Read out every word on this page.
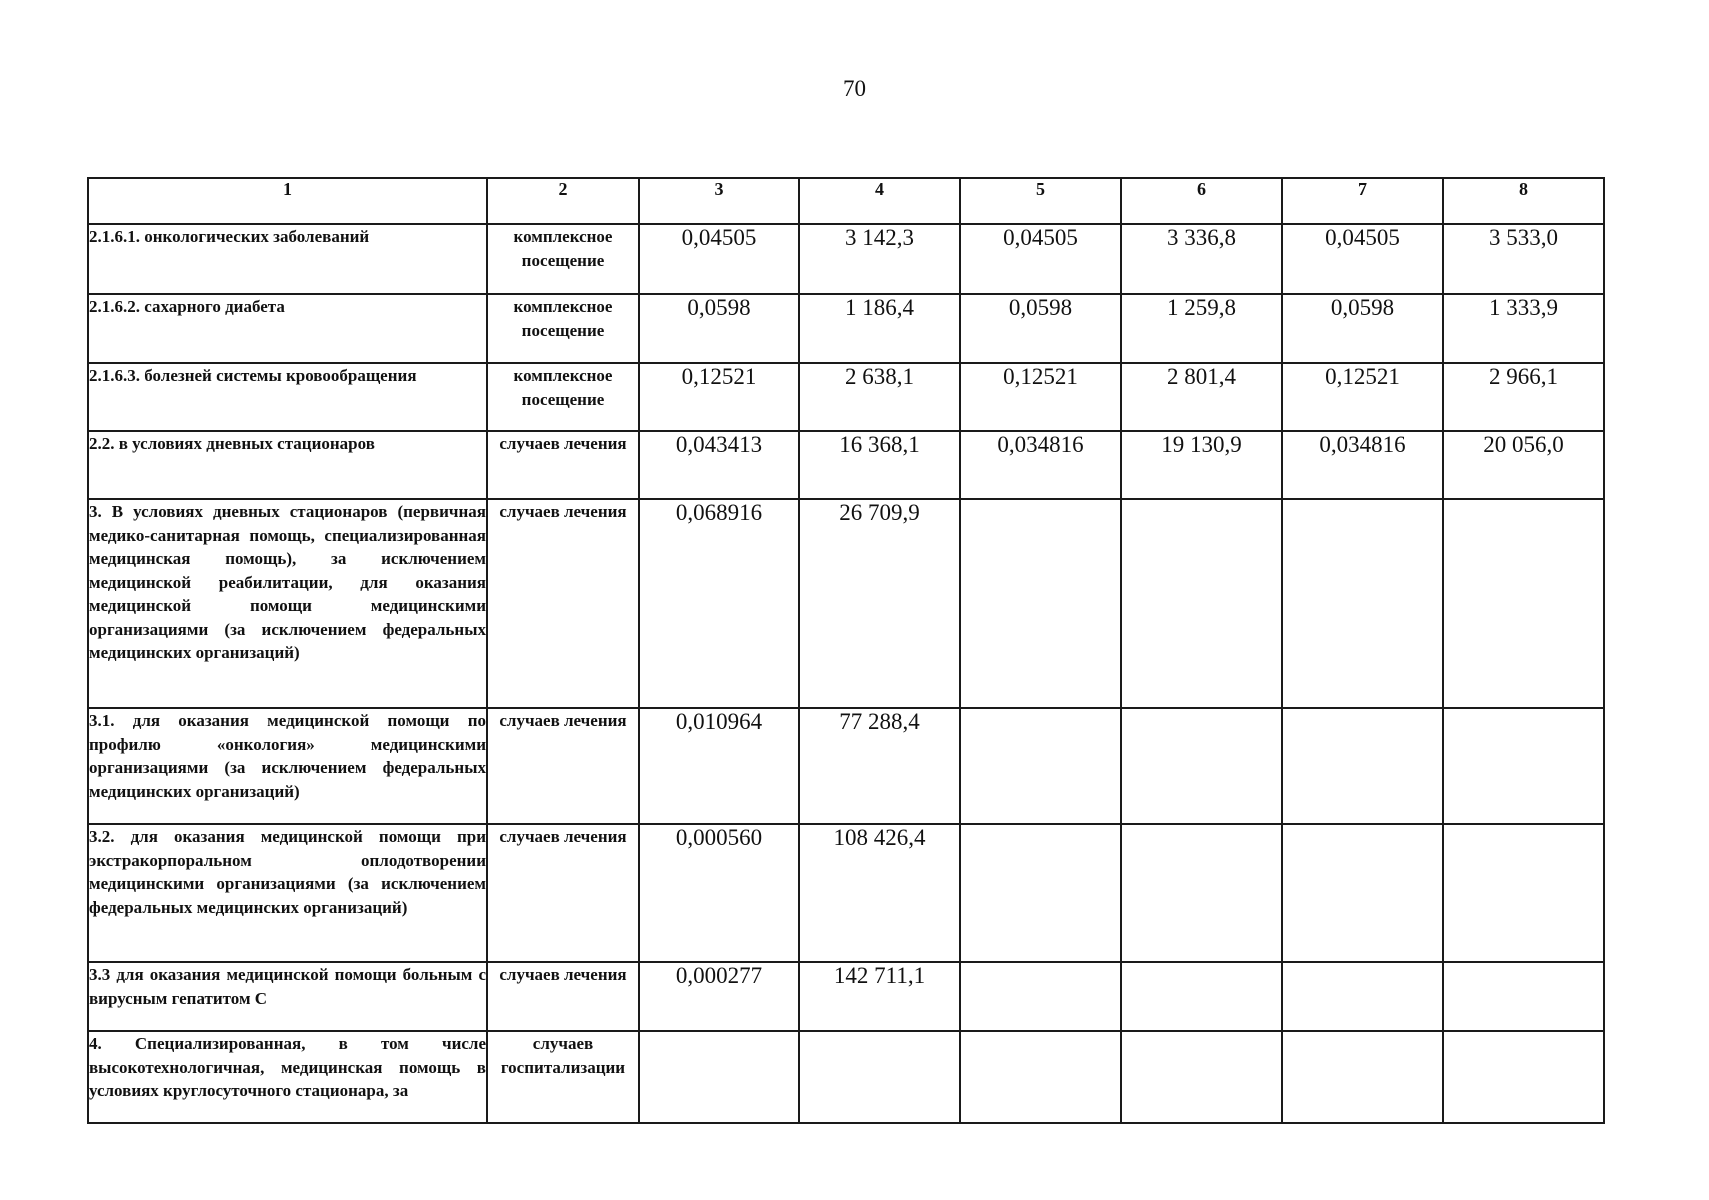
70
1	2	3	4	5	6	7	8
2.1.6.1. онкологических заболеваний	комплексное посещение	0,04505	3 142,3	0,04505	3 336,8	0,04505	3 533,0
2.1.6.2. сахарного диабета	комплексное посещение	0,0598	1 186,4	0,0598	1 259,8	0,0598	1 333,9
2.1.6.3. болезней системы кровообращения	комплексное посещение	0,12521	2 638,1	0,12521	2 801,4	0,12521	2 966,1
2.2. в условиях дневных стационаров	случаев лечения	0,043413	16 368,1	0,034816	19 130,9	0,034816	20 056,0
3. В условиях дневных стационаров (первичная медико-санитарная помощь, специализированная медицинская помощь), за исключением медицинской реабилитации, для оказания медицинской помощи медицинскими организациями (за исключением федеральных медицинских организаций)	случаев лечения	0,068916	26 709,9				
3.1. для оказания медицинской помощи по профилю «онкология» медицинскими организациями (за исключением федеральных медицинских организаций)	случаев лечения	0,010964	77 288,4				
3.2. для оказания медицинской помощи при экстракорпоральном оплодотворении медицинскими организациями (за исключением федеральных медицинских организаций)	случаев лечения	0,000560	108 426,4				
3.3 для оказания медицинской помощи больным с вирусным гепатитом С	случаев лечения	0,000277	142 711,1				
4. Специализированная, в том числе высокотехнологичная, медицинская помощь в условиях круглосуточного стационара, за	случаев госпитализации						
